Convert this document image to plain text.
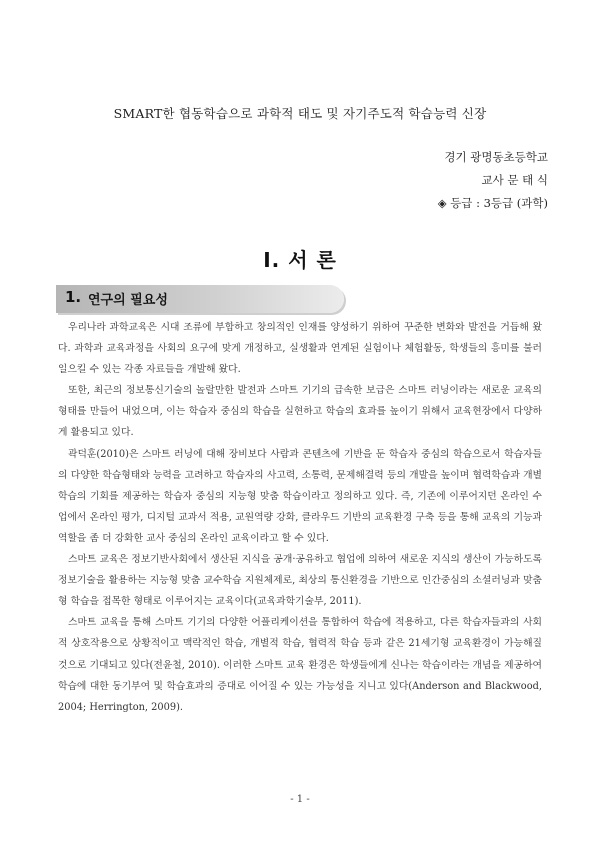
SMART한 협동학습으로 과학적 태도 및 자기주도적 학습능력 신장
경기 광명동초등학교
교사 문 태 식
◈ 등급 : 3등급 (과학)
Ⅰ. 서 론
1. 연구의 필요성

우리나라 과학교육은 시대 조류에 부합하고 창의적인 인재를 양성하기 위하여 꾸준한 변화와 발전을 거듭해 왔다. 과학과 교육과정을 사회의 요구에 맞게 개정하고, 실생활과 연계된 실험이나 체험활동, 학생들의 흥미를 불러일으킬 수 있는 각종 자료들을 개발해 왔다.

또한, 최근의 정보통신기술의 놀랄만한 발전과 스마트 기기의 급속한 보급은 스마트 러닝이라는 새로운 교육의 형태를 만들어 내었으며, 이는 학습자 중심의 학습을 실현하고 학습의 효과를 높이기 위해서 교육현장에서 다양하게 활용되고 있다.

곽덕훈(2010)은 스마트 러닝에 대해 장비보다 사람과 콘텐츠에 기반을 둔 학습자 중심의 학습으로서 학습자들의 다양한 학습형태와 능력을 고려하고 학습자의 사고력, 소통력, 문제해결력 등의 개발을 높이며 협력학습과 개별학습의 기회를 제공하는 학습자 중심의 지능형 맞춤 학습이라고 정의하고 있다. 즉, 기존에 이루어지던 온라인 수업에서 온라인 평가, 디지털 교과서 적용, 교원역량 강화, 클라우드 기반의 교육환경 구축 등을 통해 교육의 기능과 역할을 좀 더 강화한 교사 중심의 온라인 교육이라고 할 수 있다.

스마트 교육은 정보기반사회에서 생산된 지식을 공개·공유하고 협업에 의하여 새로운 지식의 생산이 가능하도록 정보기술을 활용하는 지능형 맞춤 교수학습 지원체제로, 최상의 통신환경을 기반으로 인간중심의 소셜러닝과 맞춤형 학습을 접목한 형태로 이루어지는 교육이다(교육과학기술부, 2011).

스마트 교육을 통해 스마트 기기의 다양한 어플리케이션을 통합하여 학습에 적용하고, 다른 학습자들과의 사회적 상호작용으로 상황적이고 맥락적인 학습, 개별적 학습, 협력적 학습 등과 같은 21세기형 교육환경이 가능해질 것으로 기대되고 있다(전윤철, 2010). 이러한 스마트 교육 환경은 학생들에게 신나는 학습이라는 개념을 제공하여 학습에 대한 동기부여 및 학습효과의 증대로 이어질 수 있는 가능성을 지니고 있다(Anderson and Blackwood, 2004; Herrington, 2009).

- 1 -
